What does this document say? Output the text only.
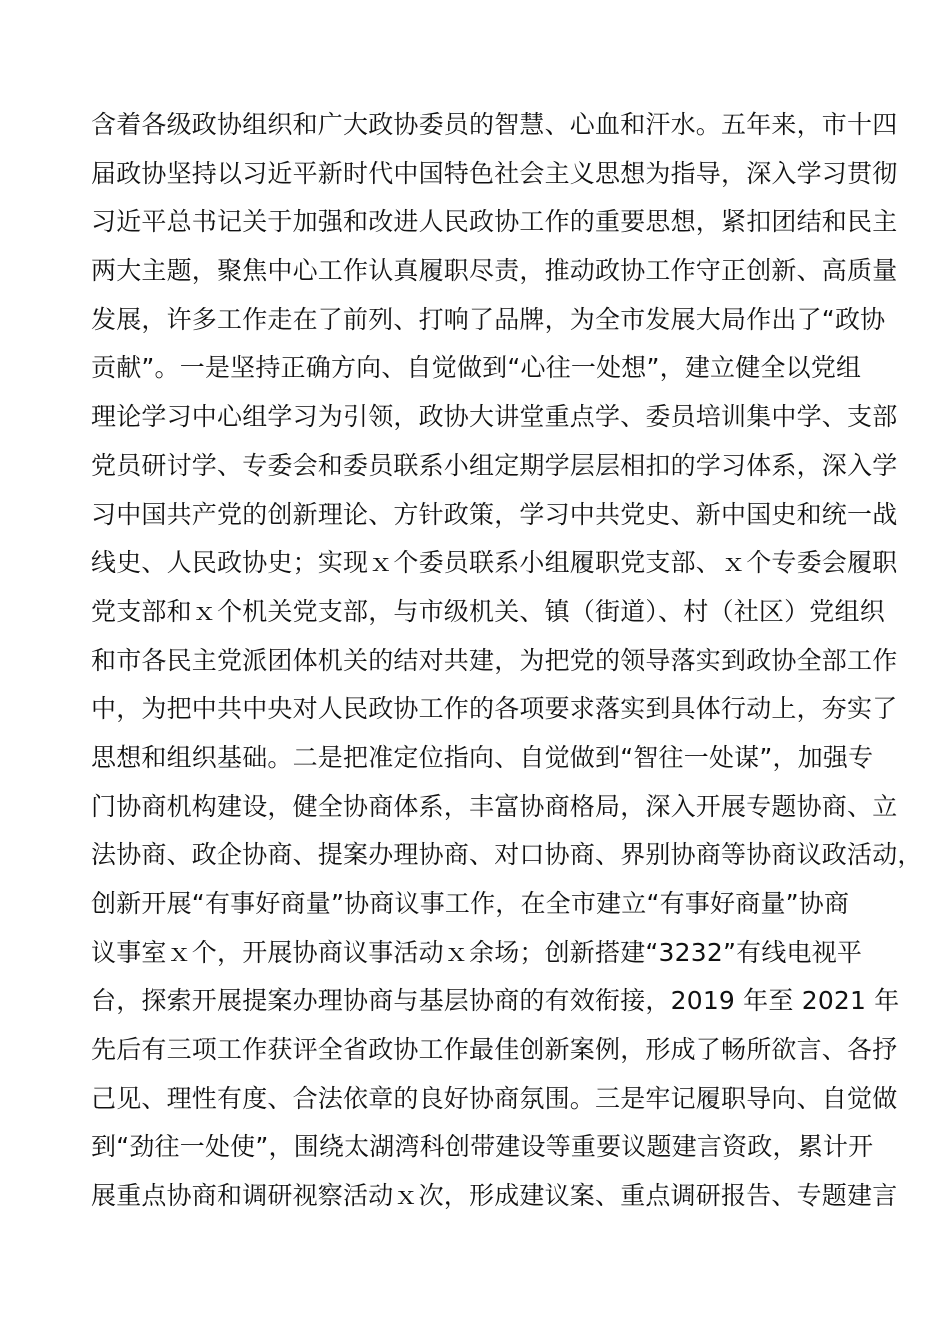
含着各级政协组织和广大政协委员的智慧、心血和汗水。五年来，市十四
届政协坚持以习近平新时代中国特色社会主义思想为指导，深入学习贯彻
习近平总书记关于加强和改进人民政协工作的重要思想，紧扣团结和民主
两大主题，聚焦中心工作认真履职尽责，推动政协工作守正创新、高质量
发展，许多工作走在了前列、打响了品牌，为全市发展大局作出了“政协
贡献”。一是坚持正确方向、自觉做到“心往一处想”，建立健全以党组
理论学习中心组学习为引领，政协大讲堂重点学、委员培训集中学、支部
党员研讨学、专委会和委员联系小组定期学层层相扣的学习体系，深入学
习中国共产党的创新理论、方针政策，学习中共党史、新中国史和统一战
线史、人民政协史；实现ｘ个委员联系小组履职党支部、ｘ个专委会履职
党支部和ｘ个机关党支部，与市级机关、镇（街道）、村（社区）党组织
和市各民主党派团体机关的结对共建，为把党的领导落实到政协全部工作
中，为把中共中央对人民政协工作的各项要求落实到具体行动上，夯实了
思想和组织基础。二是把准定位指向、自觉做到“智往一处谋”，加强专
门协商机构建设，健全协商体系，丰富协商格局，深入开展专题协商、立
法协商、政企协商、提案办理协商、对口协商、界别协商等协商议政活动，
创新开展“有事好商量”协商议事工作，在全市建立“有事好商量”协商
议事室ｘ个，开展协商议事活动ｘ余场；创新搭建“3232”有线电视平
台，探索开展提案办理协商与基层协商的有效衔接，2019 年至 2021 年
先后有三项工作获评全省政协工作最佳创新案例，形成了畅所欲言、各抒
己见、理性有度、合法依章的良好协商氛围。三是牢记履职导向、自觉做
到“劲往一处使”，围绕太湖湾科创带建设等重要议题建言资政，累计开
展重点协商和调研视察活动ｘ次，形成建议案、重点调研报告、专题建言
